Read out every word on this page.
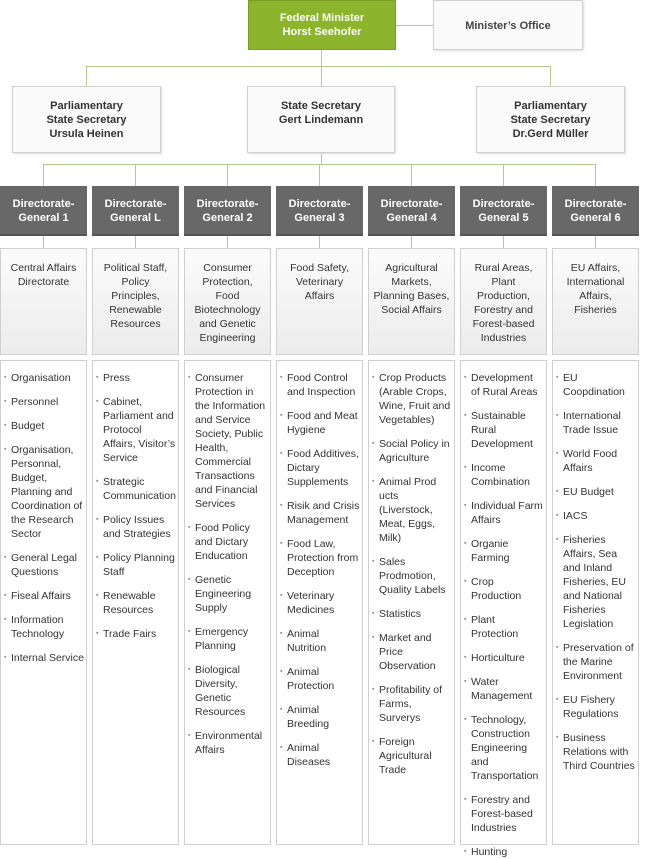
Federal Minister
Horst Seehofer	Minister’s Office
Parliamentary
State Secretary
Ursula Heinen
State Secretary
Gert Lindemann
Parliamentary
State Secretary
Dr.Gerd Müller
Directorate-
General 1
Central Affairs Directorate
▪ Organisation
▪ Personnel
▪ Budget
▪ Organisation, Personnal, Budget, Planning and Coordination of the Research Sector
▪ General Legal Questions
▪ Fiseal Affairs
▪ Information Technology
▪ Internal Service
Directorate-
General L
Political Staff, Policy Principles, Renewable Resources
▪ Press
▪ Cabinet, Parliament and Protocol Affairs, Visitor’s Service
▪ Strategic Communication
▪ Policy Issues and Strategies
▪ Policy Planning Staff
▪ Renewable Resources
▪ Trade Fairs
Directorate-
General 2
Consumer Protection, Food Biotechnology and Genetic Engineering
▪ Consumer Protection in the Information and Service Society, Public Health, Commercial Transactions and Financial Services
▪ Food Policy and Dictary Enducation
▪ Genetic Engineering Supply
▪ Emergency Planning
▪ Biological Diversity, Genetic Resources
▪ Environmental Affairs
Directorate-
General 3
Food Safety, Veterinary Affairs
▪ Food Control and Inspection
▪ Food and Meat Hygiene
▪ Food Additives, Dictary Supplements
▪ Risik and Crisis Management
▪ Food Law, Protection from Deception
▪ Veterinary Medicines
▪ Animal Nutrition
▪ Animal Protection
▪ Animal Breeding
▪ Animal Diseases
Directorate-
General 4
Agricultural Markets, Planning Bases, Social Affairs
▪ Crop Products (Arable Crops, Wine, Fruit and Vegetables)
▪ Social Policy in Agriculture
▪ Animal Prod ucts (Liverstock, Meat, Eggs, Milk)
▪ Sales Prodmotion, Quality Labels
▪ Statistics
▪ Market and Price Observation
▪ Profitability of Farms, Surverys
▪ Foreign Agricultural Trade
Directorate-
General 5
Rural Areas, Plant Production, Forestry and Forest-based Industries
▪ Development of Rural Areas
▪ Sustainable Rural Development
▪ Income Combination
▪ Individual Farm Affairs
▪ Organie Farming
▪ Crop Production
▪ Plant Protection
▪ Horticulture
▪ Water Management
▪ Technology, Construction Engineering and Transportation
▪ Forestry and Forest-based Industries
▪ Hunting
Directorate-
General 6
EU Affairs, International Affairs, Fisheries
▪ EU Coopdination
▪ International Trade Issue
▪ World Food Affairs
▪ EU Budget
▪ IACS
▪ Fisheries Affairs, Sea and Inland Fisheries, EU and National Fisheries Legislation
▪ Preservation of the Marine Environment
▪ EU Fishery Regulations
▪ Business Relations with Third Countries
